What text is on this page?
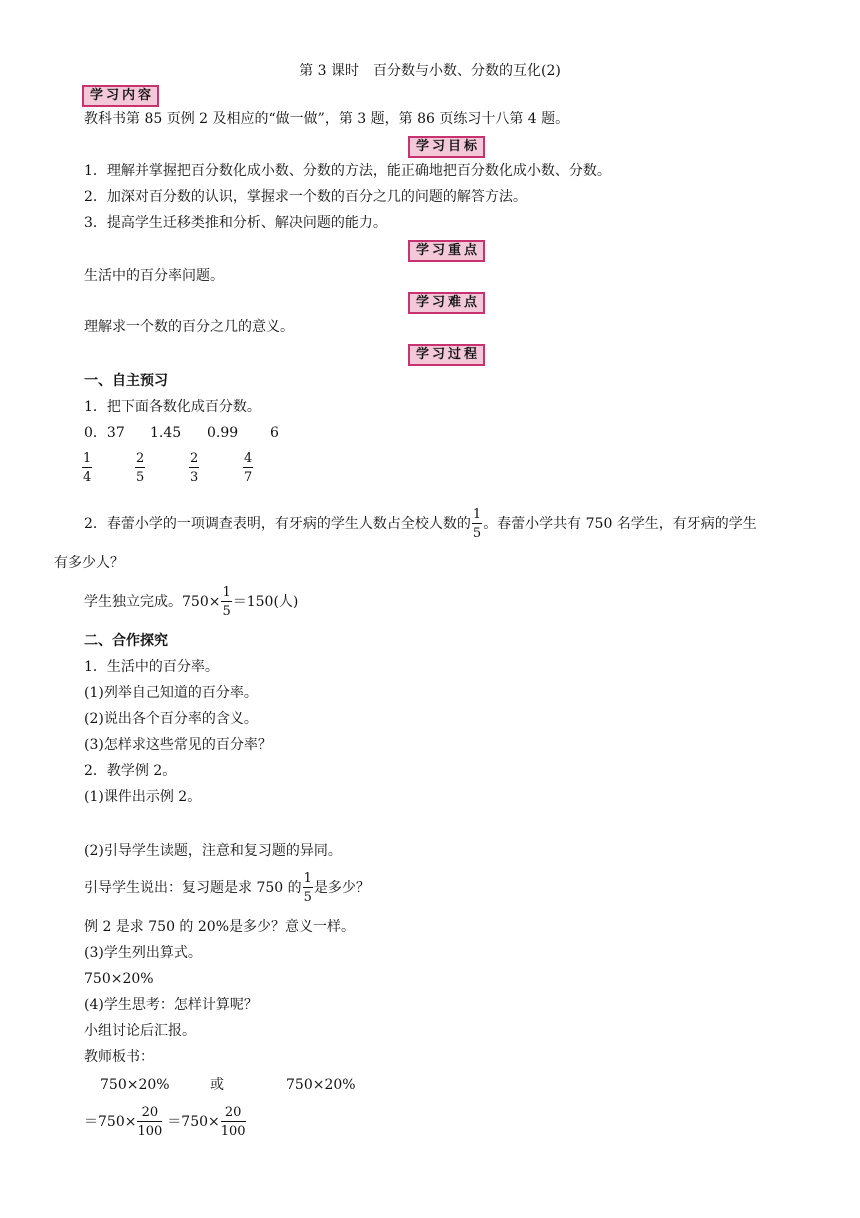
第 3 课时　百分数与小数、分数的互化(2)
学习内容
教科书第 85 页例 2 及相应的“做一做”，第 3 题，第 86 页练习十八第 4 题。
学习目标
1．理解并掌握把百分数化成小数、分数的方法，能正确地把百分数化成小数、分数。
2．加深对百分数的认识，掌握求一个数的百分之几的问题的解答方法。
3．提高学生迁移类推和分析、解决问题的能力。
学习重点
生活中的百分率问题。
学习难点
理解求一个数的百分之几的意义。
学习过程
一、自主预习
1．把下面各数化成百分数。
0．37 1.45 0.99 6
$\frac{1}{4}$	$\frac{2}{5}$	$\frac{2}{3}$	$\frac{4}{7}$
2．春蕾小学的一项调查表明，有牙病的学生人数占全校人数的 $\frac{1}{5}$ 。春蕾小学共有 750 名学生，有牙病的学生
有多少人？
学生独立完成。$750\times \frac{1}{5} =150$(人)
二、合作探究
1．生活中的百分率。
(1)列举自己知道的百分率。
(2)说出各个百分率的含义。
(3)怎样求这些常见的百分率？
2．教学例 2。
(1)课件出示例 2。
(2)引导学生读题，注意和复习题的异同。
引导学生说出：复习题是求 750 的 $\frac{1}{5}$ 是多少？
例 2 是求 750 的 20%是多少？意义一样。
(3)学生列出算式。
750×20%
(4)学生思考：怎样计算呢？
小组讨论后汇报。
教师板书：
750×20%	或	750×20%
$=750\times \frac{20}{100} =750\times \frac{20}{100}$
